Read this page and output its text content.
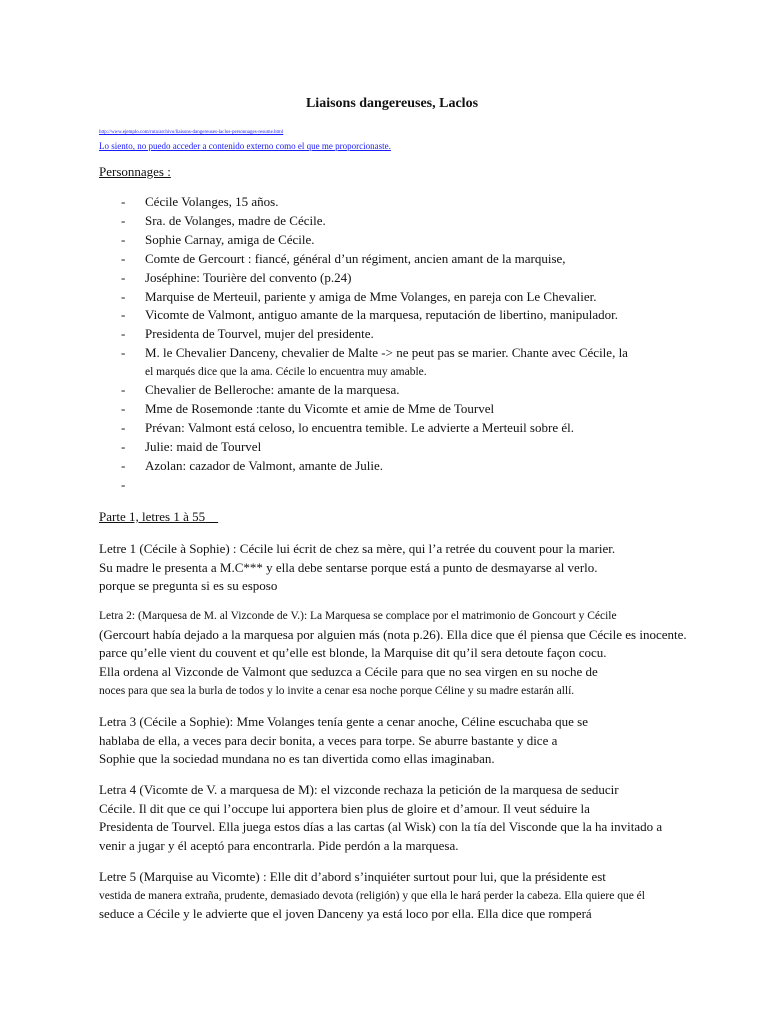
Liaisons dangereuses, Laclos
http://www.ejemplo.com/ruta/archivo/liaisons-dangereuses-laclos-personnages-resume.html
Lo siento, no puedo acceder a contenido externo como el que me proporcionaste.
Personnages :
-	Cécile Volanges, 15 años.
-	Sra. de Volanges, madre de Cécile.
-	Sophie Carnay, amiga de Cécile.
-	Comte de Gercourt : fiancé, général d’un régiment, ancien amant de la marquise,
-	Joséphine: Tourière del convento (p.24)
-	Marquise de Merteuil, pariente y amiga de Mme Volanges, en pareja con Le Chevalier.
-	Vicomte de Valmont, antiguo amante de la marquesa, reputación de libertino, manipulador.
-	Presidenta de Tourvel, mujer del presidente.
-	M. le Chevalier Danceny, chevalier de Malte -> ne peut pas se marier. Chante avec Cécile, la
el marqués dice que la ama. Cécile lo encuentra muy amable.
-	Chevalier de Belleroche: amante de la marquesa.
-	Mme de Rosemonde :tante du Vicomte et amie de Mme de Tourvel
-	Prévan: Valmont está celoso, lo encuentra temible. Le advierte a Merteuil sobre él.
-	Julie: maid de Tourvel
-	Azolan: cazador de Valmont, amante de Julie.
-
Parte 1, letres 1 à 55
Letre 1 (Cécile à Sophie) : Cécile lui écrit de chez sa mère, qui l’a retrée du couvent pour la marier.
Su madre le presenta a M.C*** y ella debe sentarse porque está a punto de desmayarse al verlo.
porque se pregunta si es su esposo
Letra 2: (Marquesa de M. al Vizconde de V.): La Marquesa se complace por el matrimonio de Goncourt y Cécile
(Gercourt había dejado a la marquesa por alguien más (nota p.26). Ella dice que él piensa que Cécile es inocente.
parce qu’elle vient du couvent et qu’elle est blonde, la Marquise dit qu’il sera detoute façon cocu.
Ella ordena al Vizconde de Valmont que seduzca a Cécile para que no sea virgen en su noche de
noces para que sea la burla de todos y lo invite a cenar esa noche porque Céline y su madre estarán allí.
Letra 3 (Cécile a Sophie): Mme Volanges tenía gente a cenar anoche, Céline escuchaba que se
hablaba de ella, a veces para decir bonita, a veces para torpe. Se aburre bastante y dice a
Sophie que la sociedad mundana no es tan divertida como ellas imaginaban.
Letra 4 (Vicomte de V. a marquesa de M): el vizconde rechaza la petición de la marquesa de seducir
Cécile. Il dit que ce qui l’occupe lui apportera bien plus de gloire et d’amour. Il veut séduire la
Presidenta de Tourvel. Ella juega estos días a las cartas (al Wisk) con la tía del Visconde que la ha invitado a
venir a jugar y él aceptó para encontrarla. Pide perdón a la marquesa.
Letre 5 (Marquise au Vicomte) : Elle dit d’abord s’inquiéter surtout pour lui, que la présidente est
vestida de manera extraña, prudente, demasiado devota (religión) y que ella le hará perder la cabeza. Ella quiere que él
seduce a Cécile y le advierte que el joven Danceny ya está loco por ella. Ella dice que romperá
